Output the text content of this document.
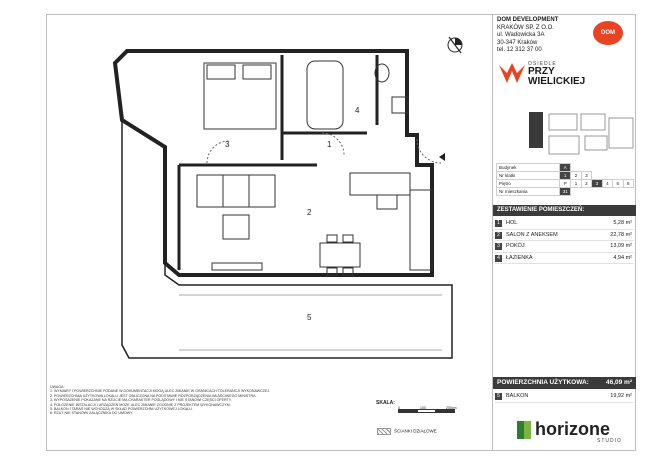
3	1
4
2
5
UWAGA:
1. WYMIARY I POWIERZCHNIE PODANE W DOKUMENTACJI MOGĄ ULEC ZMIANIE W GRANICACH TOLERANCJI WYKONAWCZEJ.
2. POWIERZCHNIA UŻYTKOWA LOKALU JEST OBLICZONA NA PODSTAWIE ROZPORZĄDZENIA WŁAŚCIWEGO MINISTRA.
3. WYPOSAŻENIE POKAZANE NA RZUCIE MA CHARAKTER POGLĄDOWY I NIE STANOWI CZĘŚCI OFERTY.
4. POŁOŻENIE INSTALACJI I URZĄDZEŃ MOŻE ULEC ZMIANIE ZGODNIE Z PROJEKTEM WYKONAWCZYM.
5. BALKON I TARAS NIE WCHODZĄ W SKŁAD POWIERZCHNI UŻYTKOWEJ LOKALU.
6. RZUT NIE STANOWI ZAŁĄCZNIKA DO UMOWY.
SKALA:
0	100	200cm
ŚCIANKI DZIAŁOWE
DOM DEVELOPMENT
KRAKÓW SP. Z O.O.
ul. Wadowicka 3A
30-347 Kraków
tel. 12 312 37 00
DOM
OSIEDLE
PRZY
WIELICKIEJ
Budynek	A						
Nr klatki	1	2	3				
Piętro	P	1	2	3	4	5	6
Nr mieszkania	31						
ZESTAWIENIE POMIESZCZEŃ:
1	HOL	5,28 m²
2	SALON Z ANEKSEM	22,78 m²
3	POKÓJ	13,09 m²
4	ŁAZIENKA	4,94 m²
POWIERZCHNIA UŻYTKOWA:	46,09 m²
5	BALKON	19,92 m²
horizone
STUDIO
